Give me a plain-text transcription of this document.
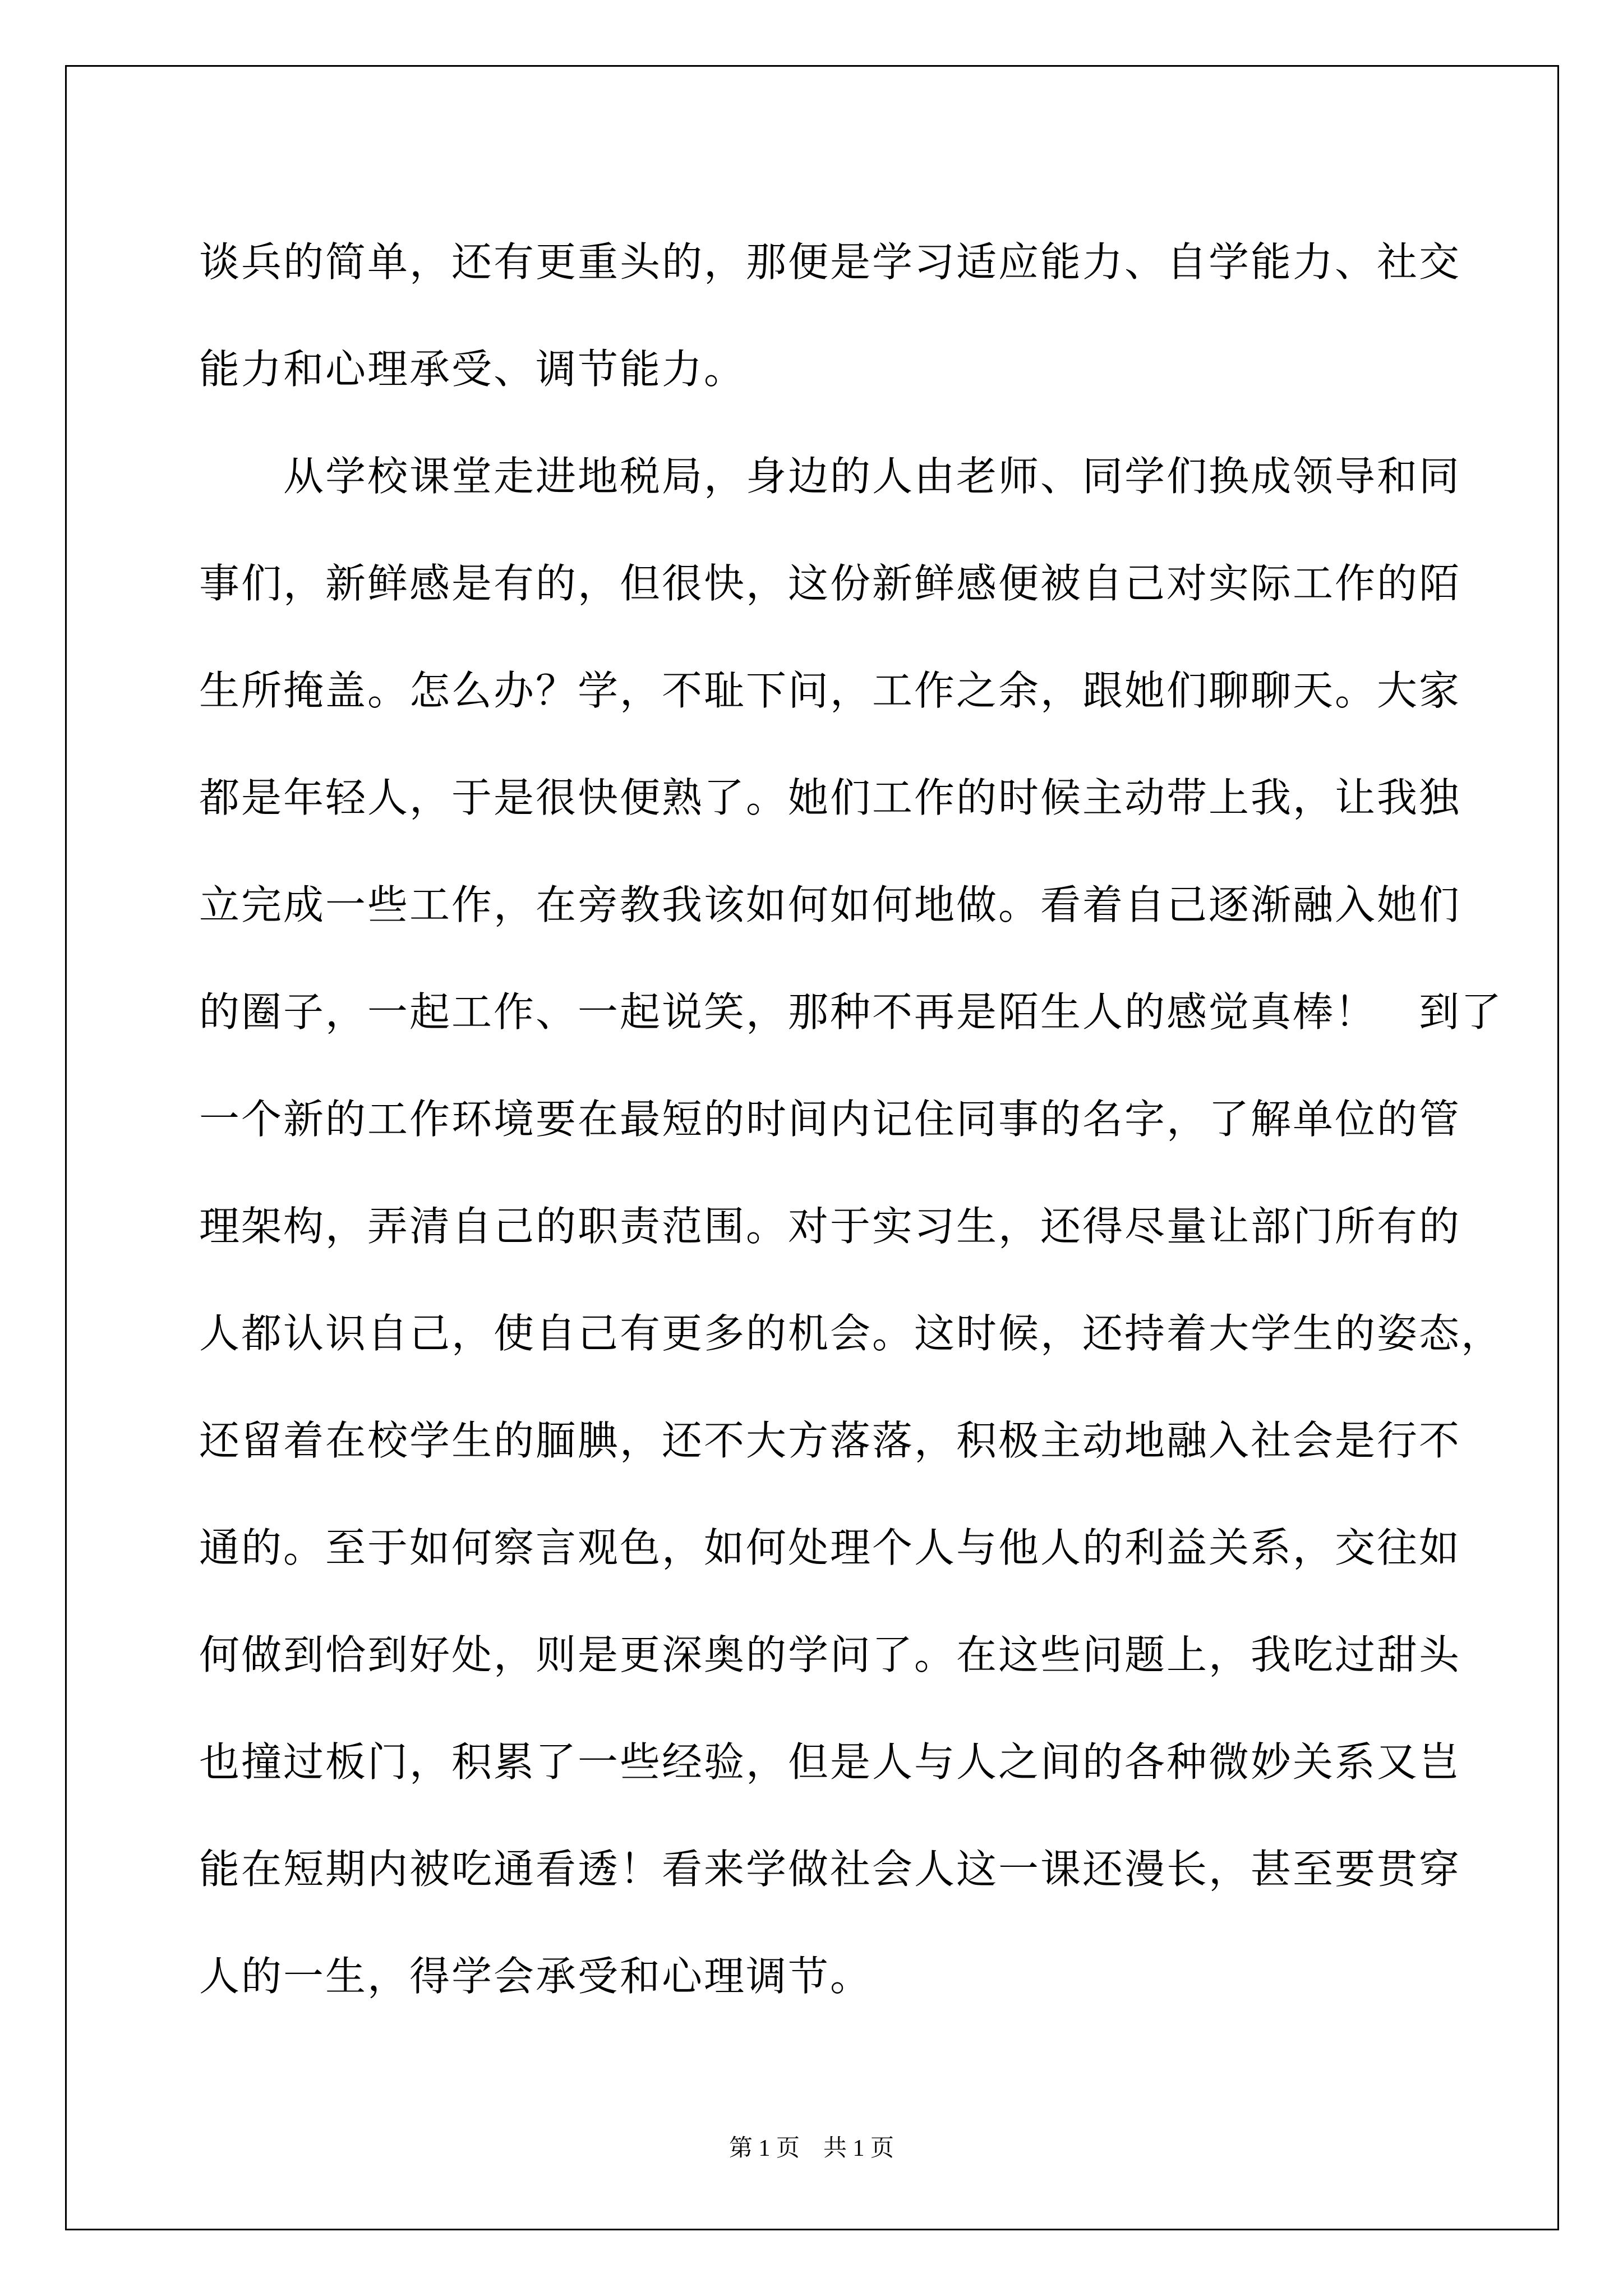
谈兵的简单，还有更重头的，那便是学习适应能力、自学能力、社交
能力和心理承受、调节能力。
　　从学校课堂走进地税局，身边的人由老师、同学们换成领导和同
事们，新鲜感是有的，但很快，这份新鲜感便被自己对实际工作的陌
生所掩盖。怎么办？学，不耻下问，工作之余，跟她们聊聊天。大家
都是年轻人，于是很快便熟了。她们工作的时候主动带上我，让我独
立完成一些工作，在旁教我该如何如何地做。看着自己逐渐融入她们
的圈子，一起工作、一起说笑，那种不再是陌生人的感觉真棒！　到了
一个新的工作环境要在最短的时间内记住同事的名字，了解单位的管
理架构，弄清自己的职责范围。对于实习生，还得尽量让部门所有的
人都认识自己，使自己有更多的机会。这时候，还持着大学生的姿态，
还留着在校学生的腼腆，还不大方落落，积极主动地融入社会是行不
通的。至于如何察言观色，如何处理个人与他人的利益关系，交往如
何做到恰到好处，则是更深奥的学问了。在这些问题上，我吃过甜头
也撞过板门，积累了一些经验，但是人与人之间的各种微妙关系又岂
能在短期内被吃通看透！看来学做社会人这一课还漫长，甚至要贯穿
人的一生，得学会承受和心理调节。
第 1 页　共 1 页
